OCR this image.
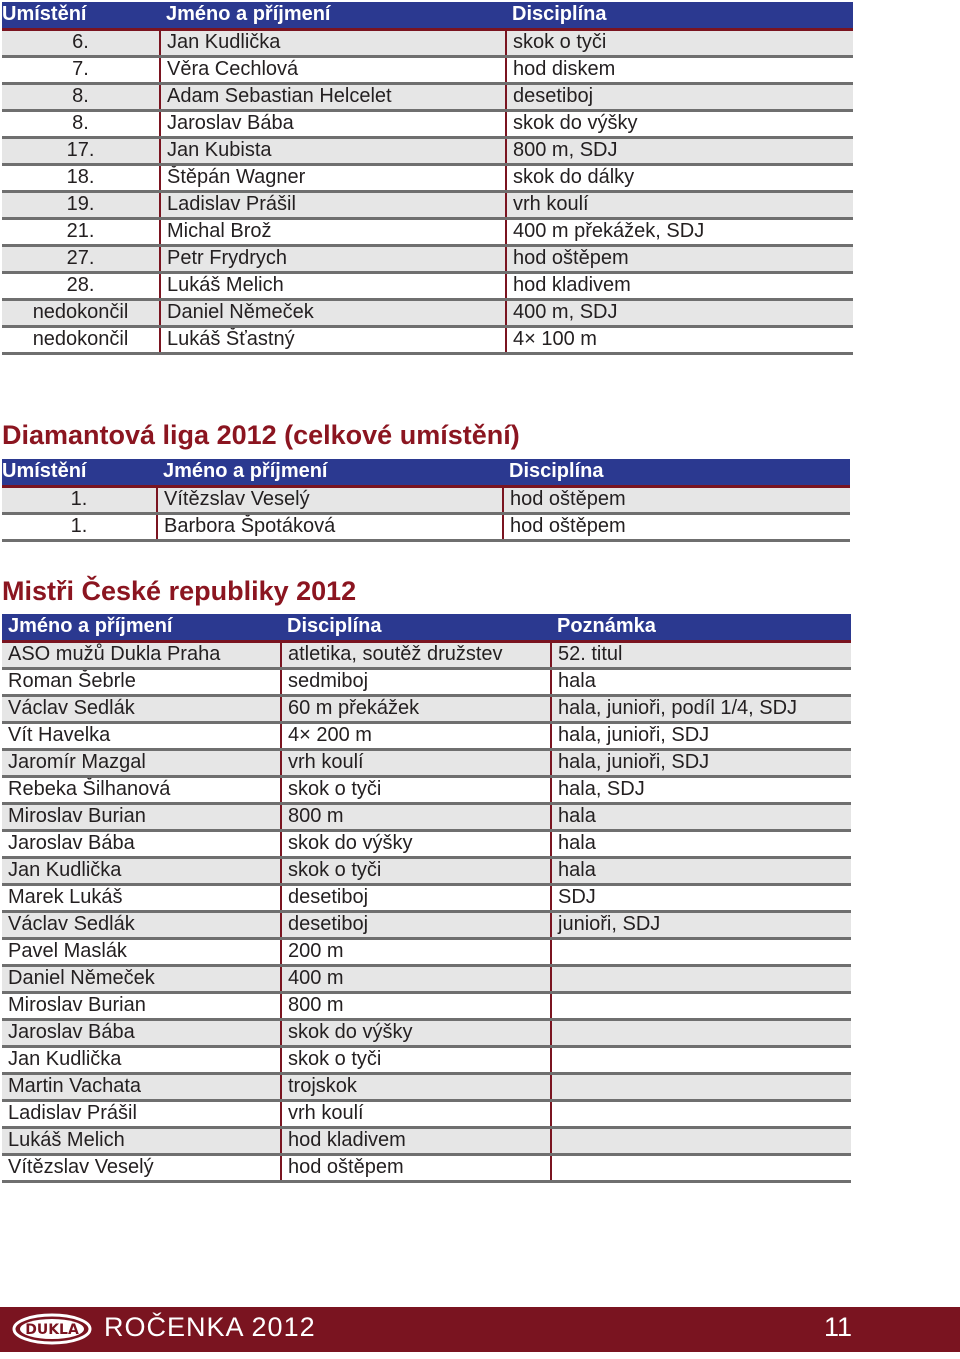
Umístění	Jméno a příjmení	Disciplína
6.	Jan Kudlička	skok o tyči
7.	Věra Cechlová	hod diskem
8.	Adam Sebastian Helcelet	desetiboj
8.	Jaroslav Bába	skok do výšky
17.	Jan Kubista	800 m, SDJ
18.	Štěpán Wagner	skok do dálky
19.	Ladislav Prášil	vrh koulí
21.	Michal Brož	400 m překážek, SDJ
27.	Petr Frydrych	hod oštěpem
28.	Lukáš Melich	hod kladivem
nedokončil	Daniel Němeček	400 m, SDJ
nedokončil	Lukáš Šťastný	4× 100 m
Diamantová liga 2012 (celkové umístění)
Umístění	Jméno a příjmení	Disciplína
1.	Vítězslav Veselý	hod oštěpem
1.	Barbora Špotáková	hod oštěpem
Mistři České republiky 2012
Jméno a příjmení	Disciplína	Poznámka
ASO mužů Dukla Praha	atletika, soutěž družstev	52. titul
Roman Šebrle	sedmiboj	hala
Václav Sedlák	60 m překážek	hala, junioři, podíl 1/4, SDJ
Vít Havelka	4× 200 m	hala, junioři, SDJ
Jaromír Mazgal	vrh koulí	hala, junioři, SDJ
Rebeka Šilhanová	skok o tyči	hala, SDJ
Miroslav Burian	800 m	hala
Jaroslav Bába	skok do výšky	hala
Jan Kudlička	skok o tyči	hala
Marek Lukáš	desetiboj	SDJ
Václav Sedlák	desetiboj	junioři, SDJ
Pavel Maslák	200 m	
Daniel Němeček	400 m	
Miroslav Burian	800 m	
Jaroslav Bába	skok do výšky	
Jan Kudlička	skok o tyči	
Martin Vachata	trojskok	
Ladislav Prášil	vrh koulí	
Lukáš Melich	hod kladivem	
Vítězslav Veselý	hod oštěpem	
DUKLA ROČENKA 2012	11
